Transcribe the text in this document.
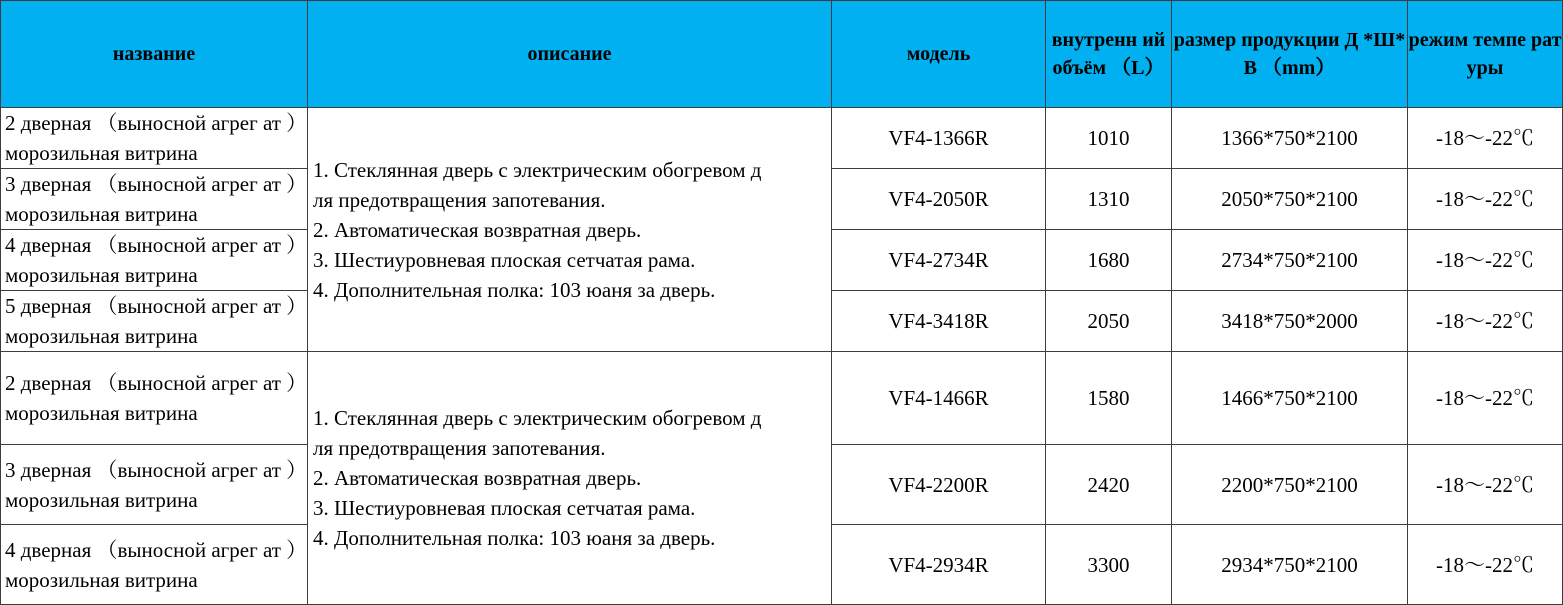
название	описание	модель	внутренн ий объём （L）	размер продукции Д *Ш*В （mm）	режим темпе ратуры
2 дверная （выносной агрег ат ）морозильная витрина	1. Стеклянная дверь с электрическим обогревом д
ля предотвращения запотевания.
2. Автоматическая возвратная дверь.
3. Шестиуровневая плоская сетчатая рама.
4. Дополнительная полка: 103 юаня за дверь.	VF4-1366R	1010	1366*750*2100	-18～-22℃
3 дверная （выносной агрег ат ）морозильная витрина		VF4-2050R	1310	2050*750*2100	-18～-22℃
4 дверная （выносной агрег ат ）морозильная витрина		VF4-2734R	1680	2734*750*2100	-18～-22℃
5 дверная （выносной агрег ат ）морозильная витрина		VF4-3418R	2050	3418*750*2000	-18～-22℃
2 дверная （выносной агрег ат ）морозильная витрина	1. Стеклянная дверь с электрическим обогревом д
ля предотвращения запотевания.
2. Автоматическая возвратная дверь.
3. Шестиуровневая плоская сетчатая рама.
4. Дополнительная полка: 103 юаня за дверь.	VF4-1466R	1580	1466*750*2100	-18～-22℃
3 дверная （выносной агрег ат ）морозильная витрина		VF4-2200R	2420	2200*750*2100	-18～-22℃
4 дверная （выносной агрег ат ）морозильная витрина		VF4-2934R	3300	2934*750*2100	-18～-22℃
